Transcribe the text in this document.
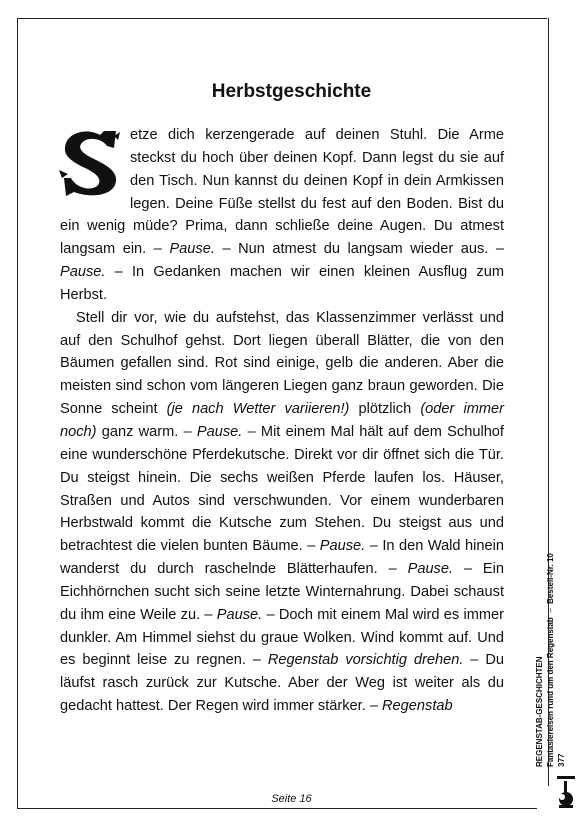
Herbstgeschichte

etze dich kerzengerade auf deinen Stuhl. Die Arme steckst du hoch über deinen Kopf. Dann legst du sie auf den Tisch. Nun kannst du deinen Kopf in dein Armkissen legen. Deine Füße stellst du fest auf den Boden. Bist du ein wenig müde? Prima, dann schließe deine Augen. Du atmest langsam ein. – Pause. – Nun atmest du langsam wieder aus. – Pause. – In Gedanken machen wir einen kleinen Ausflug zum Herbst.

Stell dir vor, wie du aufstehst, das Klassenzimmer verlässt und auf den Schulhof gehst. Dort liegen überall Blätter, die von den Bäumen gefallen sind. Rot sind einige, gelb die anderen. Aber die meisten sind schon vom längeren Liegen ganz braun geworden. Die Sonne scheint (je nach Wetter variieren!) plötzlich (oder immer noch) ganz warm. – Pause. – Mit einem Mal hält auf dem Schulhof eine wunderschöne Pferdekutsche. Direkt vor dir öffnet sich die Tür. Du steigst hinein. Die sechs weißen Pferde laufen los. Häuser, Straßen und Autos sind verschwunden. Vor einem wunderbaren Herbstwald kommt die Kutsche zum Stehen. Du steigst aus und betrachtest die vielen bunten Bäume. – Pause. – In den Wald hinein wanderst du durch raschelnde Blätterhaufen. – Pause. – Ein Eichhörnchen sucht sich seine letzte Winternahrung. Dabei schaust du ihm eine Weile zu. – Pause. – Doch mit einem Mal wird es immer dunkler. Am Himmel siehst du graue Wolken. Wind kommt auf. Und es beginnt leise zu regnen. – Regenstab vorsichtig drehen. – Du läufst rasch zurück zur Kutsche. Aber der Weg ist weiter als du gedacht hattest. Der Regen wird immer stärker. – Regenstab

Seite 16
REGENSTAB-GESCHICHTEN Fantasiereisen rund um den Regenstab  –  Bestell-Nr. 10 377
